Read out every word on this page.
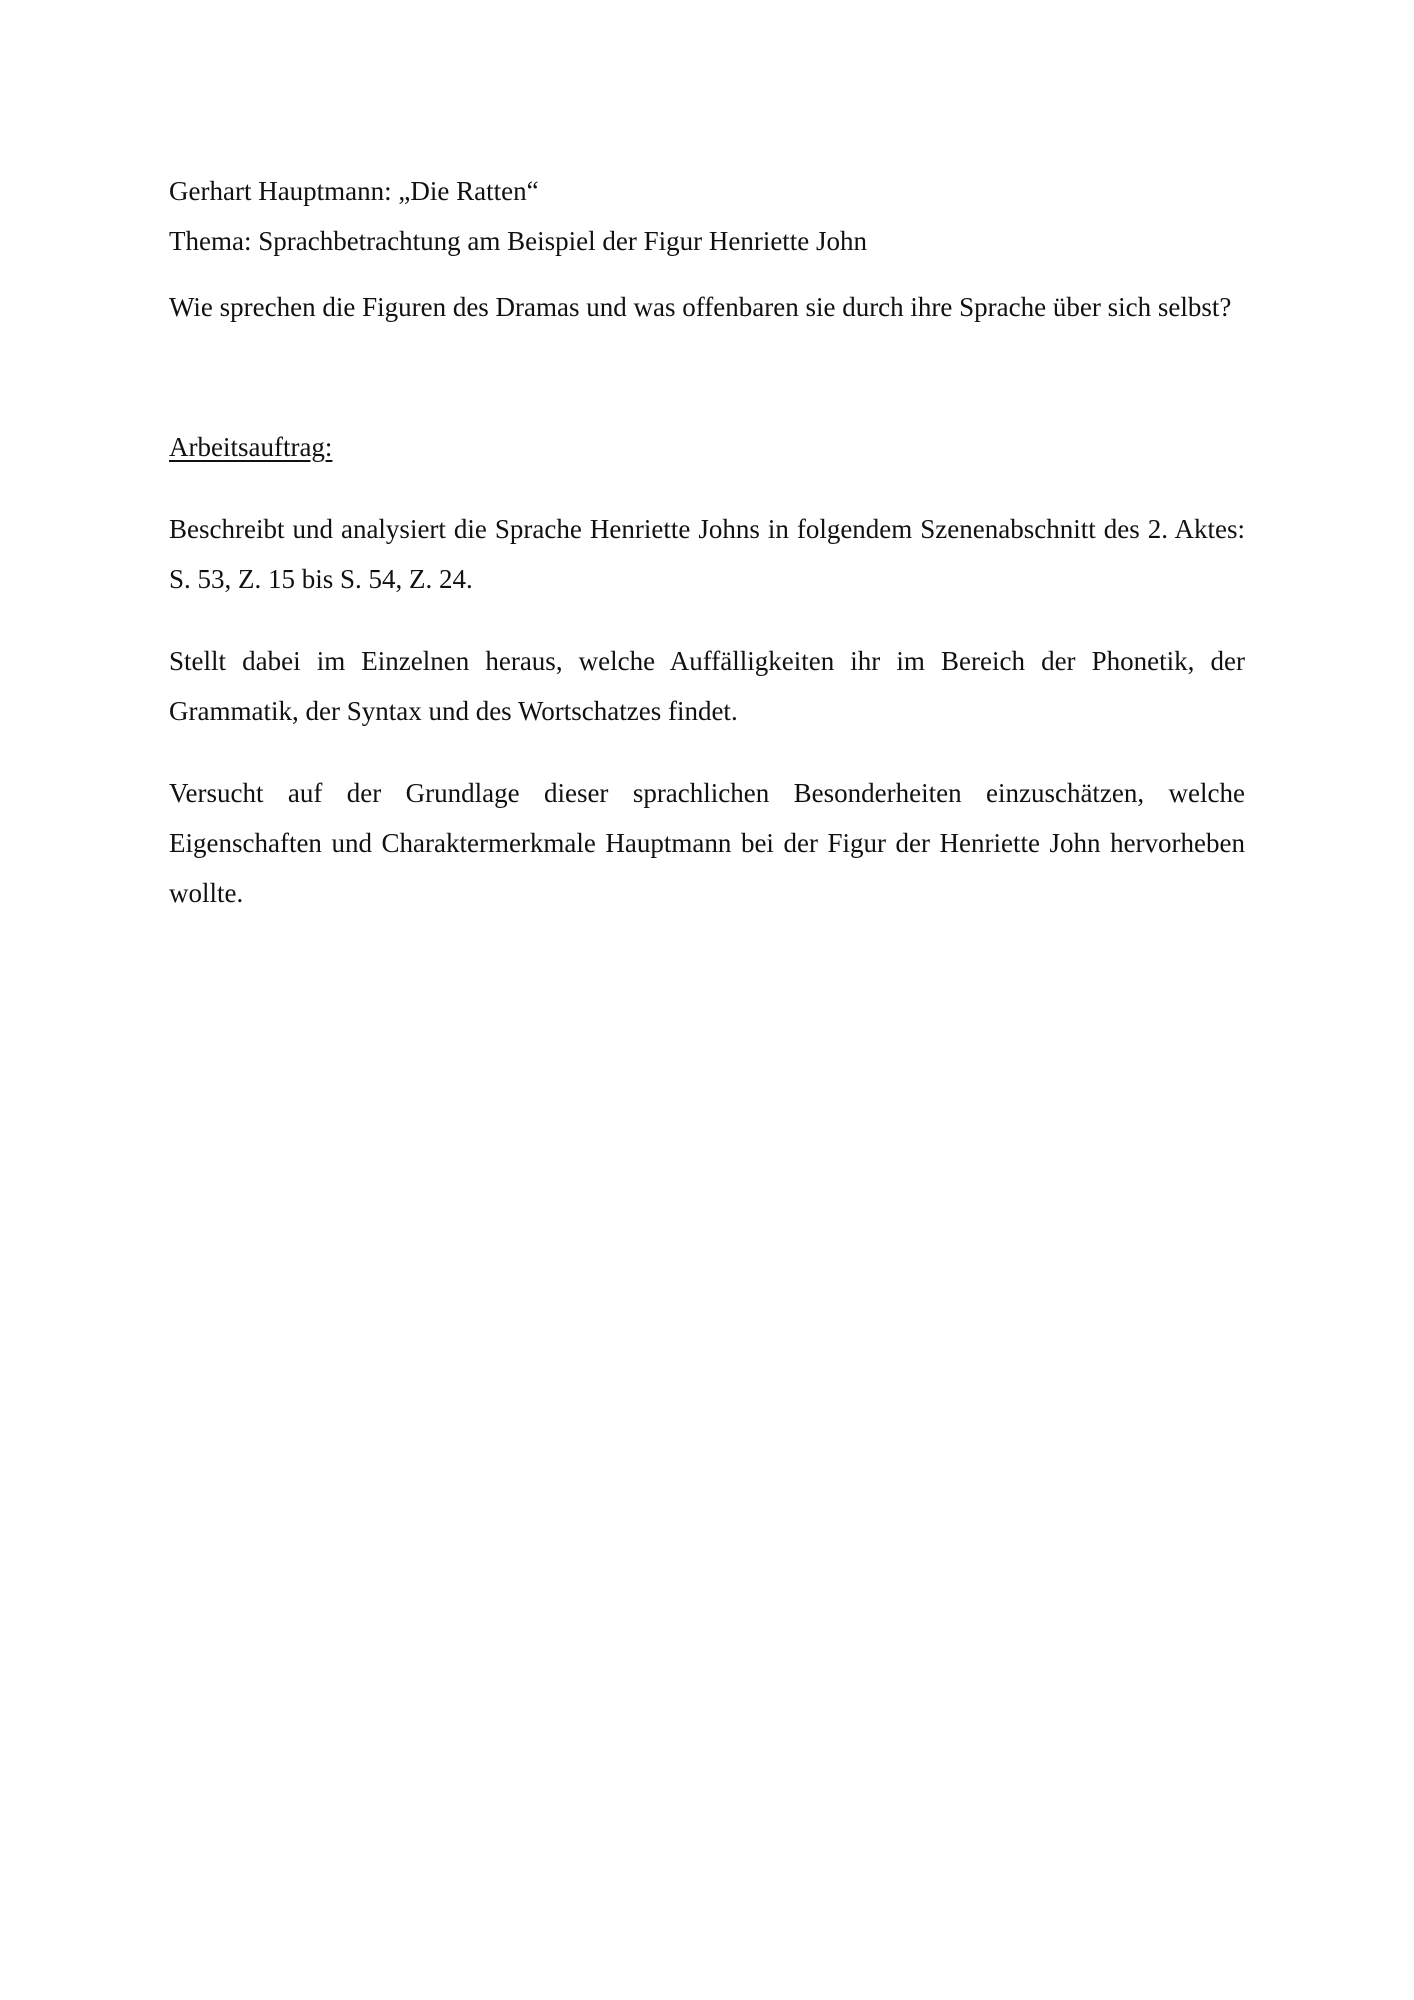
Gerhart Hauptmann: „Die Ratten“

Thema: Sprachbetrachtung am Beispiel der Figur Henriette John

Wie sprechen die Figuren des Dramas und was offenbaren sie durch ihre Sprache über sich selbst?

Arbeitsauftrag:

Beschreibt und analysiert die Sprache Henriette Johns in folgendem Szenenabschnitt des 2. Aktes: S. 53, Z. 15 bis S. 54, Z. 24.

Stellt dabei im Einzelnen heraus, welche Auffälligkeiten ihr im Bereich der Phonetik, der Grammatik, der Syntax und des Wortschatzes findet.

Versucht auf der Grundlage dieser sprachlichen Besonderheiten einzuschätzen, welche Eigenschaften und Charaktermerkmale Hauptmann bei der Figur der Henriette John hervorheben wollte.
